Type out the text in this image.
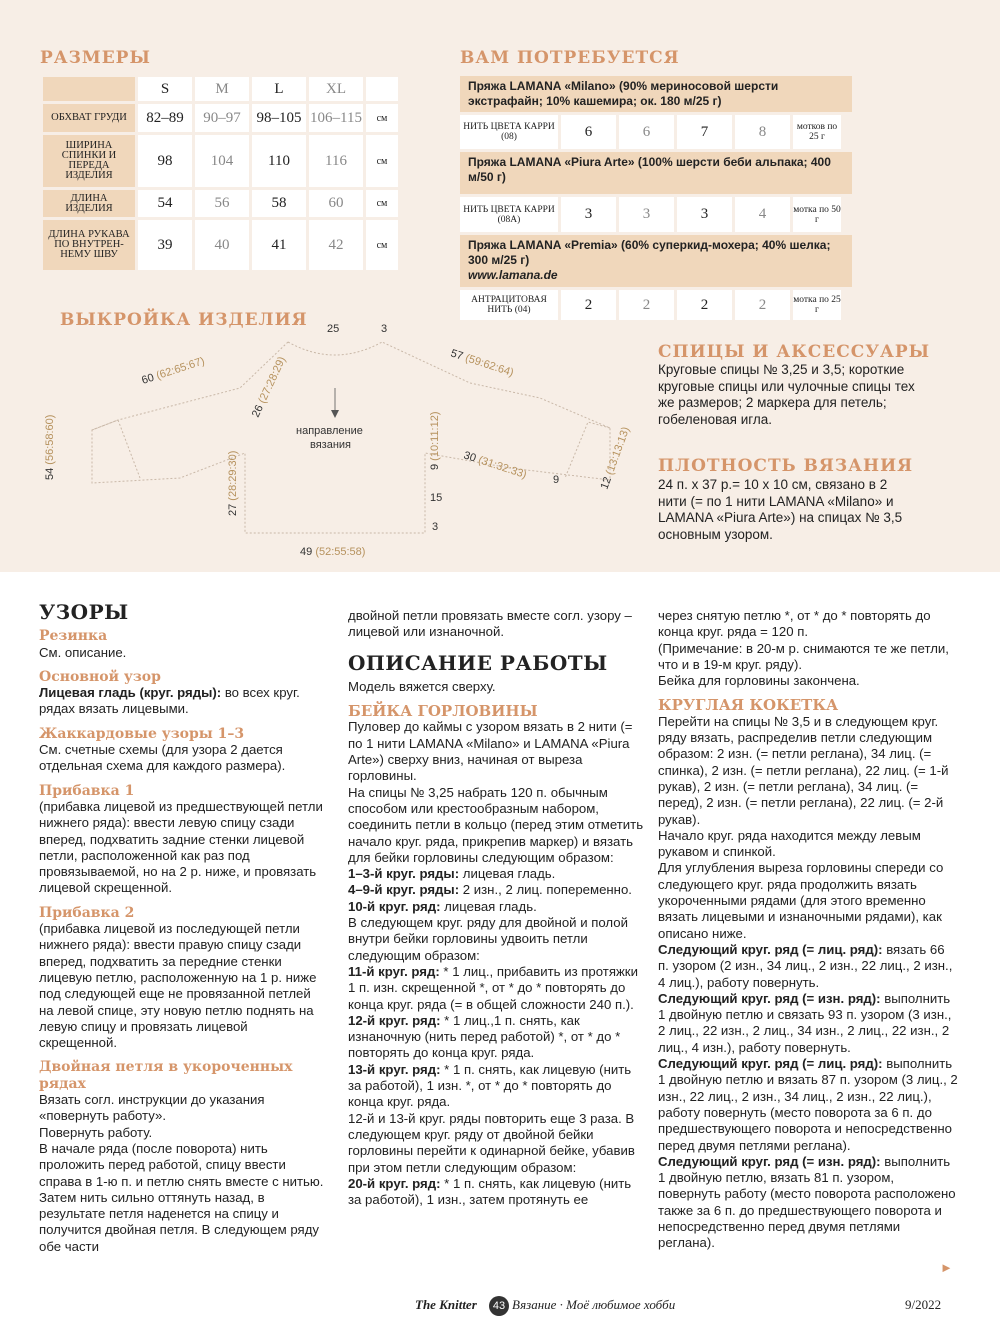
РАЗМЕРЫ
	S	M	L	XL	
ОБХВАТ ГРУДИ	82–89	90–97	98–105	106–115	см
ШИРИНА СПИНКИ И ПЕРЕДА ИЗДЕЛИЯ	98	104	110	116	см
ДЛИНА ИЗДЕЛИЯ	54	56	58	60	см
ДЛИНА РУКАВА ПО ВНУТРЕН-НЕМУ ШВУ	39	40	41	42	см
ВАМ ПОТРЕБУЕТСЯ
Пряжа LAMANA «Milano» (90% мериносовой шерсти экстрафайн; 10% кашемира; ок. 180 м/25 г)
НИТЬ ЦВЕТА КАРРИ (08)	6	6	7	8	мотков по 25 г
Пряжа LAMANA «Piura Arte» (100% шерсти беби альпака; 400 м/50 г)
НИТЬ ЦВЕТА КАРРИ (08А)	3	3	3	4	мотка по 50 г
Пряжа LAMANA «Premia» (60% суперкид-мохера; 40% шелка; 300 м/25 г)
www.lamana.de
АНТРАЦИТОВАЯ НИТЬ (04)	2	2	2	2	мотка по 25 г
ВЫКРОЙКА ИЗДЕЛИЯ 25	3
направление
вязания
3
15
9
49 (52:55:58)
60 (62:65:67)
57 (59:62:64)
26 (27:28:29)
54 (56:58:60)
27 (28:29:30)	9 (10:11:12) 30 (31:32:33)
12 (13:13:13)
СПИЦЫ И АКСЕССУАРЫ
Круговые спицы № 3,25 и 3,5; короткие
круговые спицы или чулочные спицы тех
же размеров; 2 маркера для петель;
гобеленовая игла.
ПЛОТНОСТЬ ВЯЗАНИЯ
24 п. х 37 р.= 10 х 10 см, связано в 2
нити (= по 1 нити LAMANA «Milano» и
LAMANA «Piura Arte») на спицах № 3,5
основным узором.
УЗОРЫ
Резинка

См. описание.

Основной узор

Лицевая гладь (круг. ряды): во всех круг. рядах вязать лицевыми.

Жаккардовые узоры 1–3

См. счетные схемы (для узора 2 дается отдельная схема для каждого размера).

Прибавка 1

(прибавка лицевой из предшествующей петли нижнего ряда): ввести левую спицу сзади вперед, подхватить задние стенки лицевой петли, расположенной как раз под провязываемой, но на 2 р. ниже, и провязать лицевой скрещенной.

Прибавка 2

(прибавка лицевой из последующей петли нижнего ряда): ввести правую спицу сзади вперед, подхватить за передние стенки лицевую петлю, расположенную на 1 р. ниже под следующей еще не провязанной петлей на левой спице, эту новую петлю поднять на левую спицу и провязать лицевой скрещенной.

Двойная петля в укороченных рядах

Вязать согл. инструкции до указания «повернуть работу».

Повернуть работу.

В начале ряда (после поворота) нить проложить перед работой, спицу ввести справа в 1-ю п. и петлю снять вместе с нитью. Затем нить сильно оттянуть назад, в результате петля наденется на спицу и получится двойная петля. В следующем ряду обе части

двойной петли провязать вместе согл. узору – лицевой или изнаночной.

ОПИСАНИЕ РАБОТЫ

Модель вяжется сверху.

БЕЙКА ГОРЛОВИНЫ

Пуловер до каймы с узором вязать в 2 нити (= по 1 нити LAMANA «Milano» и LAMANA «Piura Arte») сверху вниз, начиная от выреза горловины.

На спицы № 3,25 набрать 120 п. обычным способом или крестообразным набором, соединить петли в кольцо (перед этим отметить начало круг. ряда, прикрепив маркер) и вязать для бейки горловины следующим образом:

1–3-й круг. ряды: лицевая гладь.

4–9-й круг. ряды: 2 изн., 2 лиц. попеременно.

10-й круг. ряд: лицевая гладь.

В следующем круг. ряду для двойной и полой внутри бейки горловины удвоить петли следующим образом:

11-й круг. ряд: * 1 лиц., прибавить из протяжки 1 п. изн. скрещенной *, от * до * повторять до конца круг. ряда (= в общей сложности 240 п.).

12-й круг. ряд: * 1 лиц.,1 п. снять, как изнаночную (нить перед работой) *, от * до * повторять до конца круг. ряда.

13-й круг. ряд: * 1 п. снять, как лицевую (нить за работой), 1 изн. *, от * до * повторять до конца круг. ряда.

12-й и 13-й круг. ряды повторить еще 3 раза. В следующем круг. ряду от двойной бейки горловины перейти к одинарной бейке, убавив при этом петли следующим образом:

20-й круг. ряд: * 1 п. снять, как лицевую (нить за работой), 1 изн., затем протянуть ее

через снятую петлю *, от * до * повторять до конца круг. ряда = 120 п.

(Примечание: в 20-м р. снимаются те же петли, что и в 19-м круг. ряду).

Бейка для горловины закончена.

КРУГЛАЯ КОКЕТКА

Перейти на спицы № 3,5 и в следующем круг. ряду вязать, распределив петли следующим образом: 2 изн. (= петли реглана), 34 лиц. (= спинка), 2 изн. (= петли реглана), 22 лиц. (= 1-й рукав), 2 изн. (= петли реглана), 34 лиц. (= перед), 2 изн. (= петли реглана), 22 лиц. (= 2-й рукав).

Начало круг. ряда находится между левым рукавом и спинкой.

Для углубления выреза горловины спереди со следующего круг. ряда продолжить вязать укороченными рядами (для этого временно вязать лицевыми и изнаночными рядами), как описано ниже.

Следующий круг. ряд (= лиц. ряд): вязать 66 п. узором (2 изн., 34 лиц., 2 изн., 22 лиц., 2 изн., 4 лиц.), работу повернуть.

Следующий круг. ряд (= изн. ряд): выполнить 1 двойную петлю и связать 93 п. узором (3 изн., 2 лиц., 22 изн., 2 лиц., 34 изн., 2 лиц., 22 изн., 2 лиц., 4 изн.), работу повернуть.

Следующий круг. ряд (= лиц. ряд): выполнить 1 двойную петлю и вязать 87 п. узором (3 лиц., 2 изн., 22 лиц., 2 изн., 34 лиц., 2 изн., 22 лиц.), работу повернуть (место поворота за 6 п. до предшествующего поворота и непосредственно перед двумя петлями реглана).

Следующий круг. ряд (= изн. ряд): выполнить 1 двойную петлю, вязать 81 п. узором, повернуть работу (место поворота расположено также за 6 п. до предшествующего поворота и непосредственно перед двумя петлями реглана).

►
The Knitter	43 Вязание · Моё любимое хобби	9/2022
